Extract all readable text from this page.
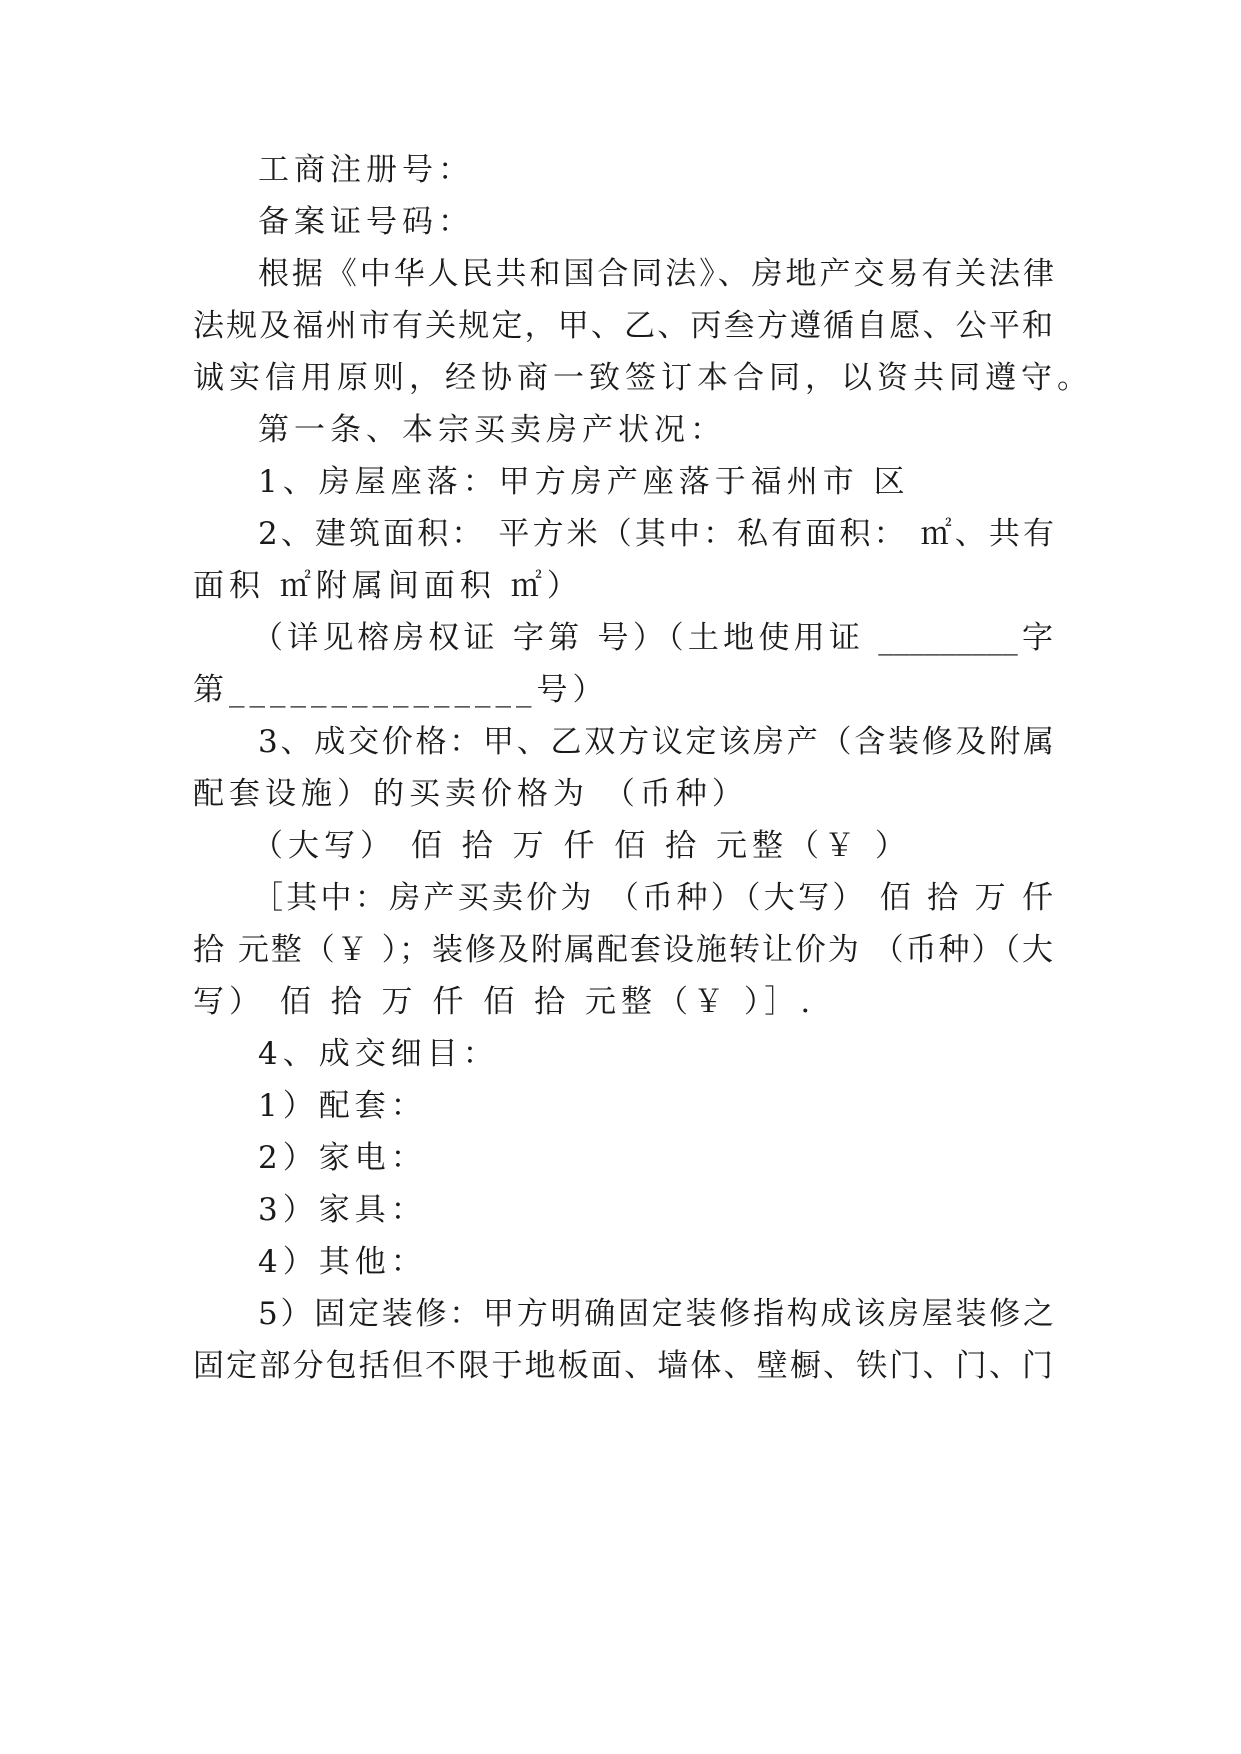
工商注册号：
备案证号码：
根据《中华人民共和国合同法》、房地产交易有关法律
法规及福州市有关规定，甲、乙、丙叁方遵循自愿、公平和
诚实信用原则，经协商一致签订本合同，以资共同遵守。
第一条、本宗买卖房产状况：
1、房屋座落：甲方房产座落于福州市 区
2、建筑面积： 平方米（其中：私有面积： ㎡、共有
面积 ㎡附属间面积 ㎡）
（详见榕房权证 字第 号）（土地使用证 _________字
第_______________号）
3、成交价格：甲、乙双方议定该房产（含装修及附属
配套设施）的买卖价格为 （币种）
（大写） 佰 拾 万 仟 佰 拾 元整（￥ ）
［其中：房产买卖价为 （币种）（大写） 佰 拾 万 仟
拾 元整（￥ ）；装修及附属配套设施转让价为 （币种）（大
写） 佰 拾 万 仟 佰 拾 元整（￥ ）］.
4、成交细目：
1）配套：
2）家电：
3）家具：
4）其他：
5）固定装修：甲方明确固定装修指构成该房屋装修之
固定部分包括但不限于地板面、墙体、壁橱、铁门、门、门
